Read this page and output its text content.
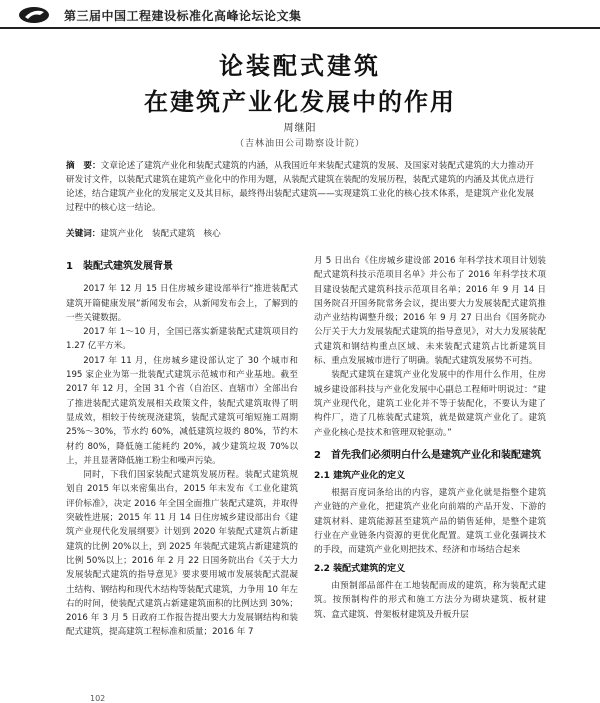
第三届中国工程建设标准化高峰论坛论文集
论装配式建筑
在建筑产业化发展中的作用
周继阳
（吉林油田公司勘察设计院）
摘　要：文章论述了建筑产业化和装配式建筑的内涵，从我国近年来装配式建筑的发展、及国家对装配式建筑的大力推动开研发讨文件，以装配式建筑在建筑产业化中的作用为题，从装配式建筑在装配的发展历程，装配式建筑的内涵及其优点进行论述，结合建筑产业化的发展定义及其目标，最终得出装配式建筑——实现建筑工业化的核心技术体系，是建筑产业化发展过程中的核心这一结论。
关键词：建筑产业化　装配式建筑　核心
1　装配式建筑发展背景

2017 年 12 月 15 日住房城乡建设部举行“推进装配式建筑开篇健康发展”新闻发布会，从新闻发布会上，了解到的一些关键数据。

2017 年 1～10 月，全国已落实新建装配式建筑项目约 1.27 亿平方米。

2017 年 11 月，住房城乡建设部认定了 30 个城市和 195 家企业为第一批装配式建筑示范城市和产业基地。截至 2017 年 12 月，全国 31 个省（自治区、直辖市）全部出台了推进装配式建筑发展相关政策文件，装配式建筑取得了明显成效，相较于传统现浇建筑，装配式建筑可缩短施工周期 25%～30%，节水约 60%，减低建筑垃圾约 80%，节约木材约 80%，降低施工能耗约 20%，减少建筑垃圾 70%以上，并且显著降低施工粉尘和噪声污染。

同时，下我们国家装配式建筑发展历程。装配式建筑规划自 2015 年以来密集出台，2015 年末发布《工业化建筑评价标准》，决定 2016 年全国全面推广装配式建筑，并取得突破性进展；2015 年 11 月 14 日住房城乡建设部出台《建筑产业现代化发展纲要》计划到 2020 年装配式建筑占新建建筑的比例 20%以上，到 2025 年装配式建筑占新建建筑的比例 50%以上；2016 年 2 月 22 日国务院出台《关于大力发展装配式建筑的指导意见》要求要用城市发展装配式混凝土结构、钢结构和现代木结构等装配式建筑，力争用 10 年左右的时间，使装配式建筑占新建建筑面积的比例达到 30%；2016 年 3 月 5 日政府工作报告提出要大力发展钢结构和装配式建筑，提高建筑工程标准和质量；2016 年 7

月 5 日出台《住房城乡建设部 2016 年科学技术项目计划装配式建筑科技示范项目名单》并公布了 2016 年科学技术项目建设装配式建筑科技示范项目名单；2016 年 9 月 14 日国务院召开国务院常务会议，提出要大力发展装配式建筑推动产业结构调整升级；2016 年 9 月 27 日出台《国务院办公厅关于大力发展装配式建筑的指导意见》，对大力发展装配式建筑和钢结构重点区域、未来装配式建筑占比新建筑目标、重点发展城市进行了明确。装配式建筑发展势不可挡。

装配式建筑在建筑产业化发展中的作用什么作用，住房城乡建设部科技与产业化发展中心副总工程师叶明说过：“建筑产业现代化，建筑工业化并不等于装配化，不要认为建了构件厂，造了几栋装配式建筑，就是做建筑产业化了。建筑产业化核心是技术和管理双轮驱动。”

2　首先我们必须明白什么是建筑产业化和装配建筑
2.1 建筑产业化的定义

根据百度词条给出的内容，建筑产业化就是指整个建筑产业链的产业化，把建筑产业化向前端的产品开发、下游的建筑材料、建筑能源甚至建筑产品的销售延伸，是整个建筑行业在产业链条内资源的更优化配置。建筑工业化强调技术的手段，而建筑产业化则把技术、经济和市场结合起来

2.2 装配式建筑的定义

由预制部品部件在工地装配而成的建筑，称为装配式建筑。按预制构件的形式和施工方法分为砌块建筑、板材建筑、盒式建筑、骨架板材建筑及升板升层

102
